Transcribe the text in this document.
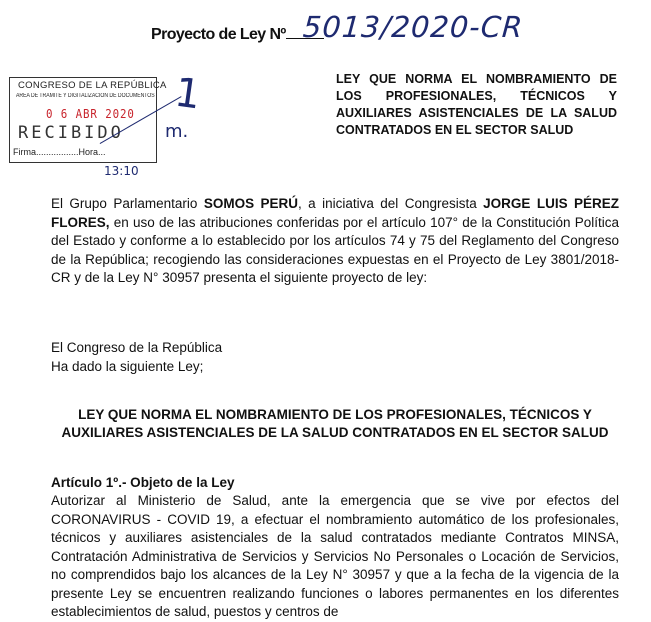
Proyecto de Ley Nº 5013/2020-CR
CONGRESO DE LA REPÚBLICA
AREA DE TRAMITE Y DIGITALIZACION DE DOCUMENTOS
0 6 ABR 2020
RECIBIDO
Firma.................Hora...
1
m.
13:10
LEY QUE NORMA EL NOMBRAMIENTO DE LOS PROFESIONALES, TÉCNICOS Y AUXILIARES ASISTENCIALES DE LA SALUD CONTRATADOS EN EL SECTOR SALUD
El Grupo Parlamentario SOMOS PERÚ, a iniciativa del Congresista JORGE LUIS PÉREZ FLORES, en uso de las atribuciones conferidas por el artículo 107° de la Constitución Política del Estado y conforme a lo establecido por los artículos 74 y 75 del Reglamento del Congreso de la República; recogiendo las consideraciones expuestas en el Proyecto de Ley 3801/2018- CR y de la Ley N° 30957 presenta el siguiente proyecto de ley:
El Congreso de la República
Ha dado la siguiente Ley;
LEY QUE NORMA EL NOMBRAMIENTO DE LOS PROFESIONALES, TÉCNICOS Y AUXILIARES ASISTENCIALES DE LA SALUD CONTRATADOS EN EL SECTOR SALUD
Artículo 1º.- Objeto de la Ley
Autorizar al Ministerio de Salud, ante la emergencia que se vive por efectos del CORONAVIRUS - COVID 19, a efectuar el nombramiento automático de los profesionales, técnicos y auxiliares asistenciales de la salud contratados mediante Contratos MINSA, Contratación Administrativa de Servicios y Servicios No Personales o Locación de Servicios, no comprendidos bajo los alcances de la Ley N° 30957 y que a la fecha de la vigencia de la presente Ley se encuentren realizando funciones o labores permanentes en los diferentes establecimientos de salud, puestos y centros de
